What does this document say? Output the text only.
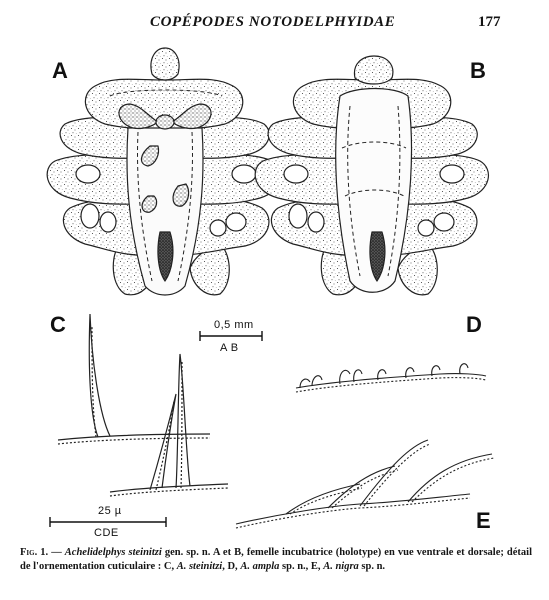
COPÉPODES NOTODELPHYIDAE	177
A	B
C	D
E
0,5 mm
A B
25 µ
CDE
Fig. 1. — Achelidelphys steinitzi gen. sp. n. A et B, femelle incubatrice (holotype) en vue ventrale et dorsale; détail de l'ornementation cuticulaire : C, A. steinitzi, D, A. ampla sp. n., E, A. nigra sp. n.
